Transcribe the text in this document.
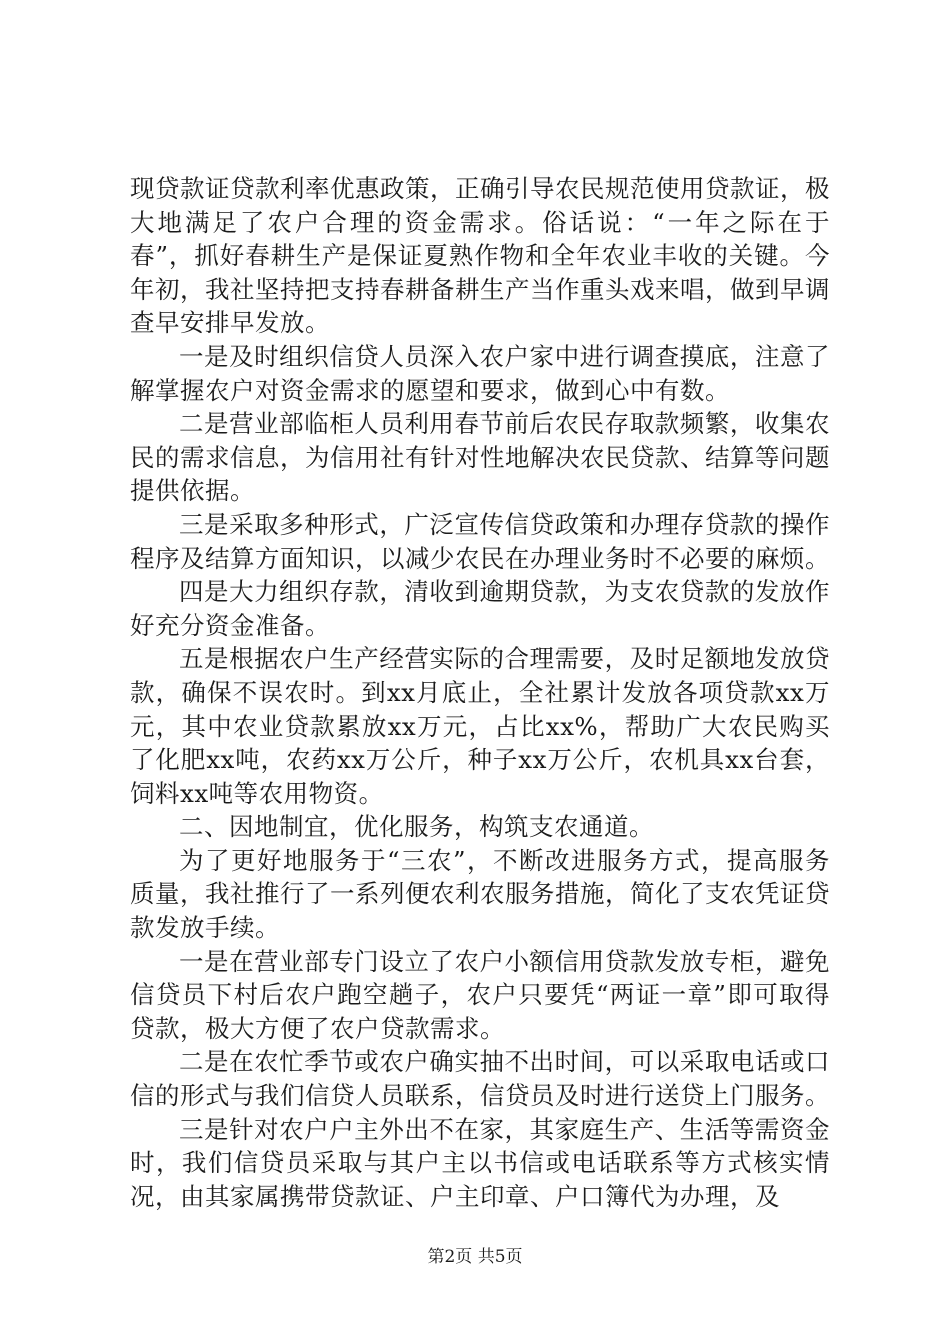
现贷款证贷款利率优惠政策，正确引导农民规范使用贷款证，极大地满足了农户合理的资金需求。俗话说：“一年之际在于春”，抓好春耕生产是保证夏熟作物和全年农业丰收的关键。今年初，我社坚持把支持春耕备耕生产当作重头戏来唱，做到早调查早安排早发放。

一是及时组织信贷人员深入农户家中进行调查摸底，注意了解掌握农户对资金需求的愿望和要求，做到心中有数。

二是营业部临柜人员利用春节前后农民存取款频繁，收集农民的需求信息，为信用社有针对性地解决农民贷款、结算等问题提供依据。

三是采取多种形式，广泛宣传信贷政策和办理存贷款的操作程序及结算方面知识，以减少农民在办理业务时不必要的麻烦。

四是大力组织存款，清收到逾期贷款，为支农贷款的发放作好充分资金准备。

五是根据农户生产经营实际的合理需要，及时足额地发放贷款，确保不误农时。到xx月底止，全社累计发放各项贷款xx万元，其中农业贷款累放xx万元，占比xx%，帮助广大农民购买了化肥xx吨，农药xx万公斤，种子xx万公斤，农机具xx台套，饲料xx吨等农用物资。

二、因地制宜，优化服务，构筑支农通道。

为了更好地服务于“三农”，不断改进服务方式，提高服务质量，我社推行了一系列便农利农服务措施，简化了支农凭证贷款发放手续。

一是在营业部专门设立了农户小额信用贷款发放专柜，避免信贷员下村后农户跑空趟子，农户只要凭“两证一章”即可取得贷款，极大方便了农户贷款需求。

二是在农忙季节或农户确实抽不出时间，可以采取电话或口信的形式与我们信贷人员联系，信贷员及时进行送贷上门服务。

三是针对农户户主外出不在家，其家庭生产、生活等需资金时，我们信贷员采取与其户主以书信或电话联系等方式核实情况，由其家属携带贷款证、户主印章、户口簿代为办理，及

第2页 共5页
